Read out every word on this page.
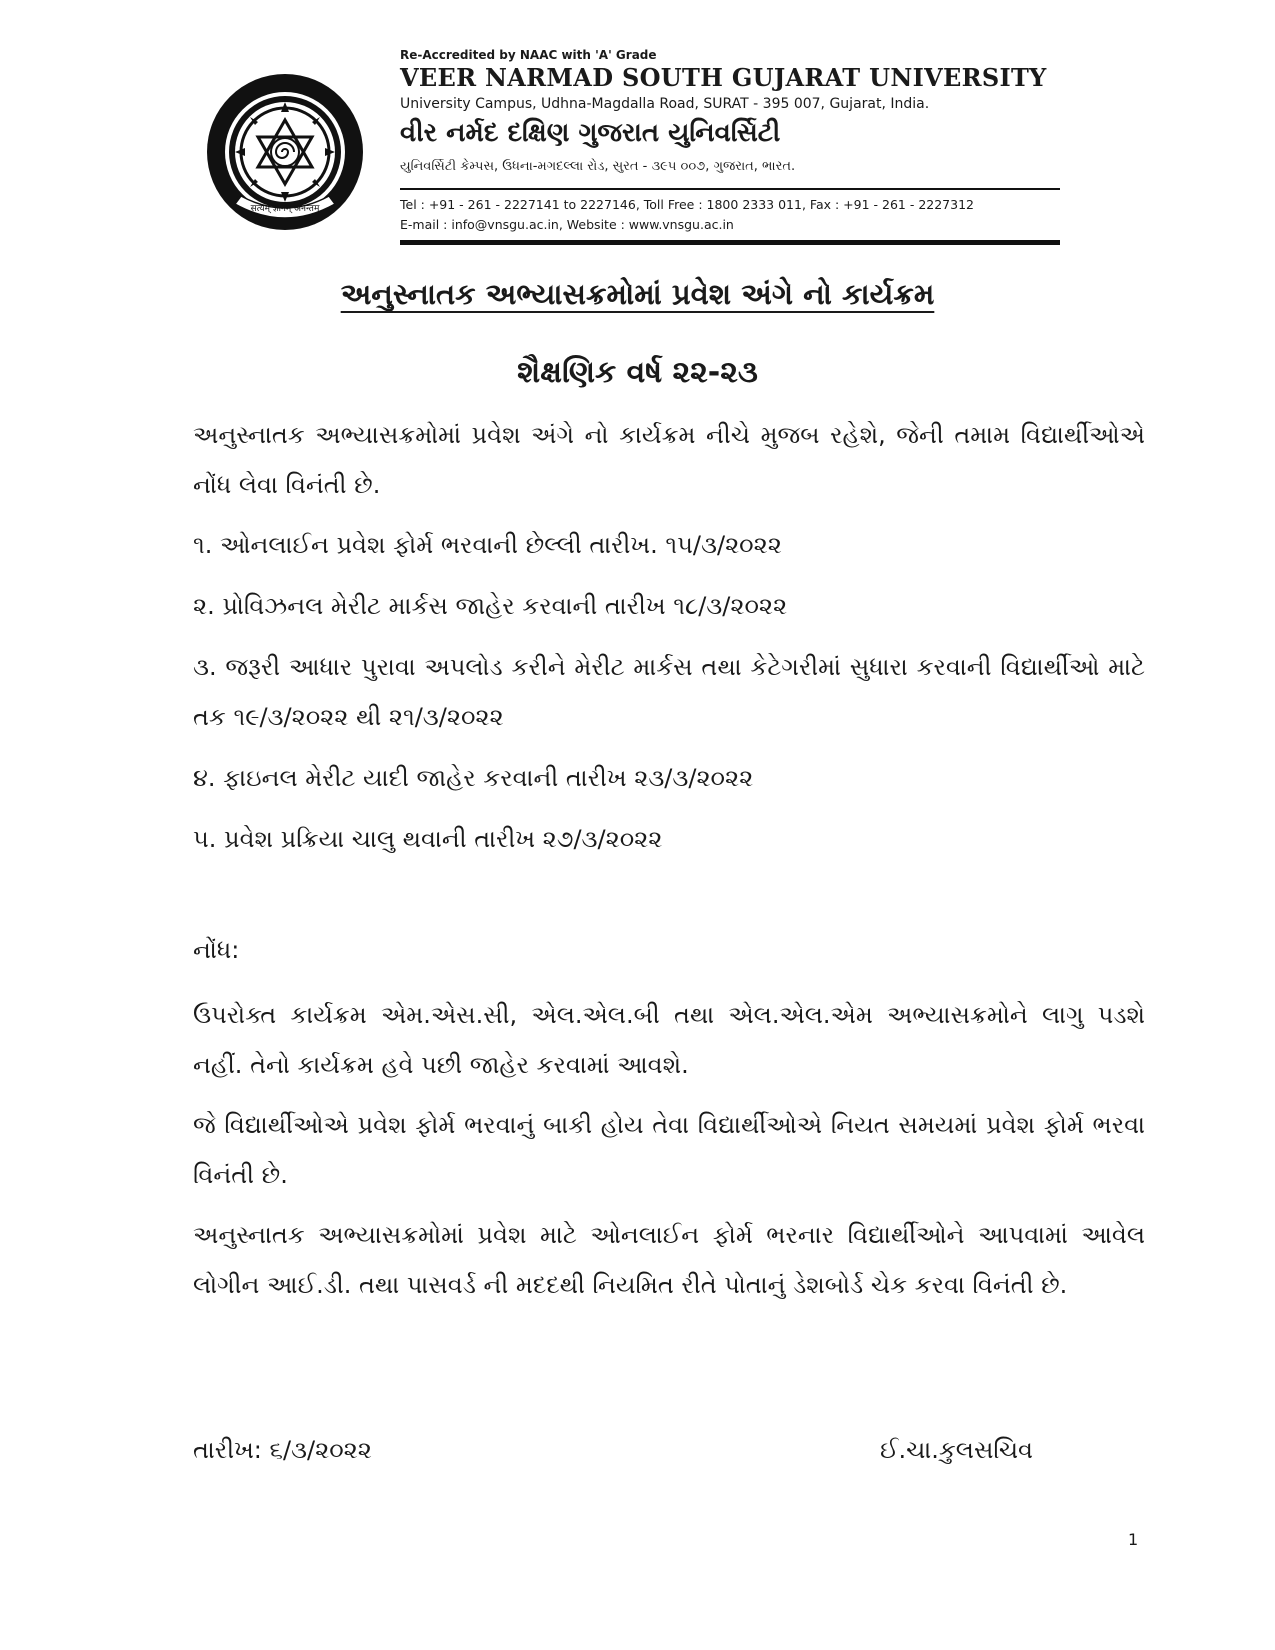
सत्यम् ज्ञानम् अनन्तम्
Re-Accredited by NAAC with 'A' Grade
VEER NARMAD SOUTH GUJARAT UNIVERSITY
University Campus, Udhna-Magdalla Road, SURAT - 395 007, Gujarat, India.
વીર નર્મદ દક્ષિણ ગુજરાત યુનિવર્સિટી
યુનિવર્સિટી કેમ્પસ, ઉધના-મગદલ્લા રોડ, સુરત - ૩૯૫ ૦૦૭, ગુજરાત, ભારત.
Tel : +91 - 261 - 2227141 to 2227146, Toll Free : 1800 2333 011, Fax : +91 - 261 - 2227312
E-mail : info@vnsgu.ac.in, Website : www.vnsgu.ac.in
અનુસ્નાતક અભ્યાસક્રમોમાં પ્રવેશ અંગે નો કાર્યક્રમ
શૈક્ષણિક વર્ષ ૨૨-૨૩

અનુસ્નાતક અભ્યાસક્રમોમાં પ્રવેશ અંગે નો કાર્યક્રમ નીચે મુજબ રહેશે, જેની તમામ વિદ્યાર્થીઓએ નોંધ લેવા વિનંતી છે.

૧. ઓનલાઈન પ્રવેશ ફોર્મ ભરવાની છેલ્લી તારીખ. ૧૫/૩/૨૦૨૨

૨. પ્રોવિઝનલ મેરીટ માર્કસ જાહેર કરવાની તારીખ ૧૮/૩/૨૦૨૨

૩. જરૂરી આધાર પુરાવા અપલોડ કરીને મેરીટ માર્કસ તથા કેટેગરીમાં સુધારા કરવાની વિદ્યાર્થીઓ માટે તક ૧૯/૩/૨૦૨૨ થી ૨૧/૩/૨૦૨૨

૪. ફાઇનલ મેરીટ યાદી જાહેર કરવાની તારીખ ૨૩/૩/૨૦૨૨

૫. પ્રવેશ પ્રક્રિયા ચાલુ થવાની તારીખ ૨૭/૩/૨૦૨૨

નોંધ:

ઉપરોક્ત કાર્યક્રમ એમ.એસ.સી, એલ.એલ.બી તથા એલ.એલ.એમ અભ્યાસક્રમોને લાગુ પડશે નહીં. તેનો કાર્યક્રમ હવે પછી જાહેર કરવામાં આવશે.

જે વિદ્યાર્થીઓએ પ્રવેશ ફોર્મ ભરવાનું બાકી હોય તેવા વિદ્યાર્થીઓએ નિયત સમયમાં પ્રવેશ ફોર્મ ભરવા વિનંતી છે.

અનુસ્નાતક અભ્યાસક્રમોમાં પ્રવેશ માટે ઓનલાઈન ફોર્મ ભરનાર વિદ્યાર્થીઓને આપવામાં આવેલ લોગીન આઈ.ડી. તથા પાસવર્ડ ની મદદથી નિયમિત રીતે પોતાનું ડેશબોર્ડ ચેક કરવા વિનંતી છે.

તારીખ: ૬/૩/૨૦૨૨	ઈ.ચા.કુલસચિવ
1
